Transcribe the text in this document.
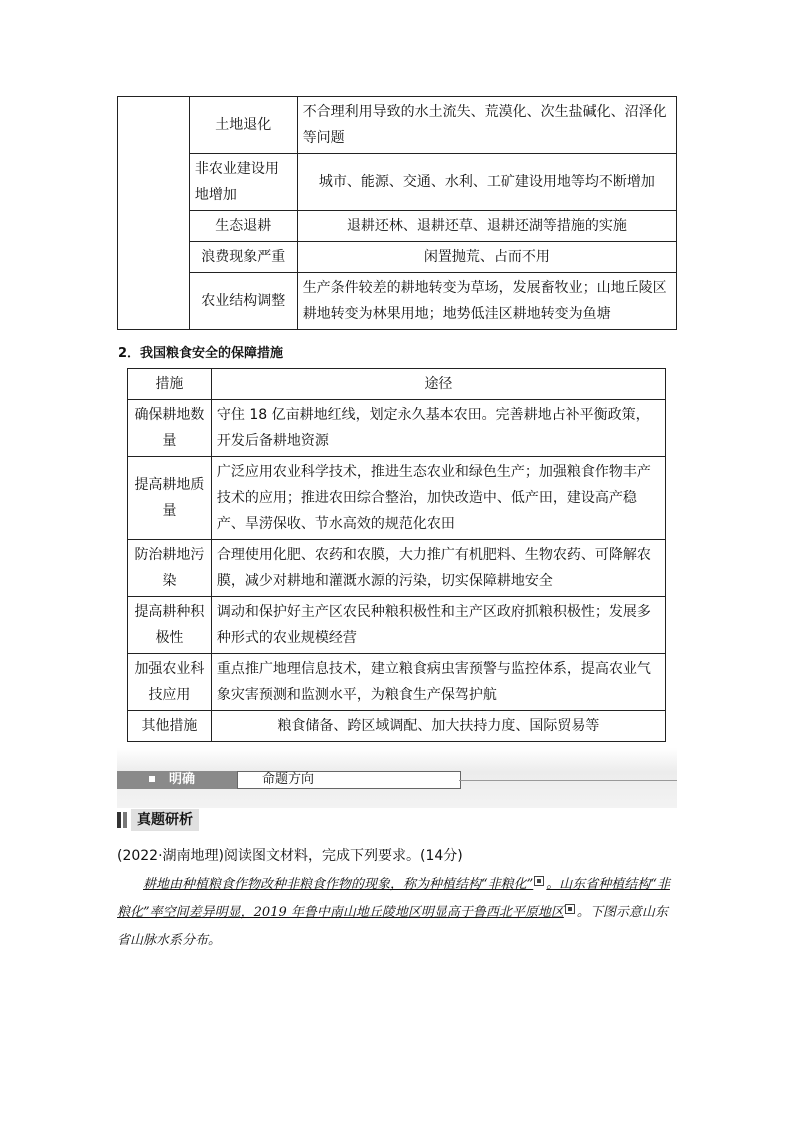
	土地退化	不合理利用导致的水土流失、荒漠化、次生盐碱化、沼泽化等问题
	非农业建设用地增加	城市、能源、交通、水利、工矿建设用地等均不断增加
	生态退耕	退耕还林、退耕还草、退耕还湖等措施的实施
	浪费现象严重	闲置抛荒、占而不用
	农业结构调整	生产条件较差的耕地转变为草场，发展畜牧业；山地丘陵区耕地转变为林果用地；地势低洼区耕地转变为鱼塘
2．我国粮食安全的保障措施
措施	途径
确保耕地数量	守住 18 亿亩耕地红线，划定永久基本农田。完善耕地占补平衡政策，开发后备耕地资源
提高耕地质量	广泛应用农业科学技术，推进生态农业和绿色生产；加强粮食作物丰产技术的应用；推进农田综合整治，加快改造中、低产田，建设高产稳产、旱涝保收、节水高效的规范化农田
防治耕地污染	合理使用化肥、农药和农膜，大力推广有机肥料、生物农药、可降解农膜，减少对耕地和灌溉水源的污染，切实保障耕地安全
提高耕种积极性	调动和保护好主产区农民种粮积极性和主产区政府抓粮积极性；发展多种形式的农业规模经营
加强农业科技应用	重点推广地理信息技术，建立粮食病虫害预警与监控体系，提高农业气象灾害预测和监测水平，为粮食生产保驾护航
其他措施	粮食储备、跨区域调配、加大扶持力度、国际贸易等
明确	命题方向
真题研析
(2022·湖南地理)阅读图文材料，完成下列要求。(14分)
  耕地由种植粮食作物改种非粮食作物的现象，称为种植结构“非粮化” 。山东省种植结构“非粮化”率空间差异明显，2019 年鲁中南山地丘陵地区明显高于鲁西北平原地区 。下图示意山东省山脉水系分布。
